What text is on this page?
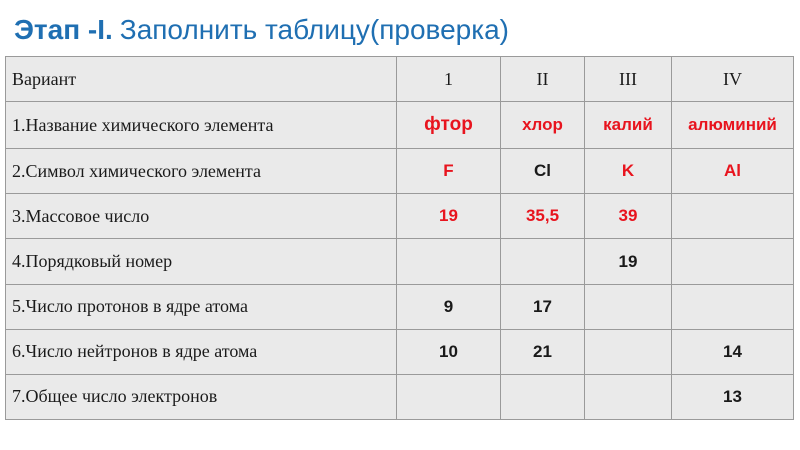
Этап -I. Заполнить таблицу(проверка)
Вариант	1	II	III	IV
1.Название химического элемента	фтор	хлор	калий	алюминий
2.Символ химического элемента	F	Cl	K	Al
3.Массовое число	19	35,5	39	
4.Порядковый номер			19	
5.Число протонов в ядре атома	9	17		
6.Число нейтронов в ядре атома	10	21		14
7.Общее число электронов				13
